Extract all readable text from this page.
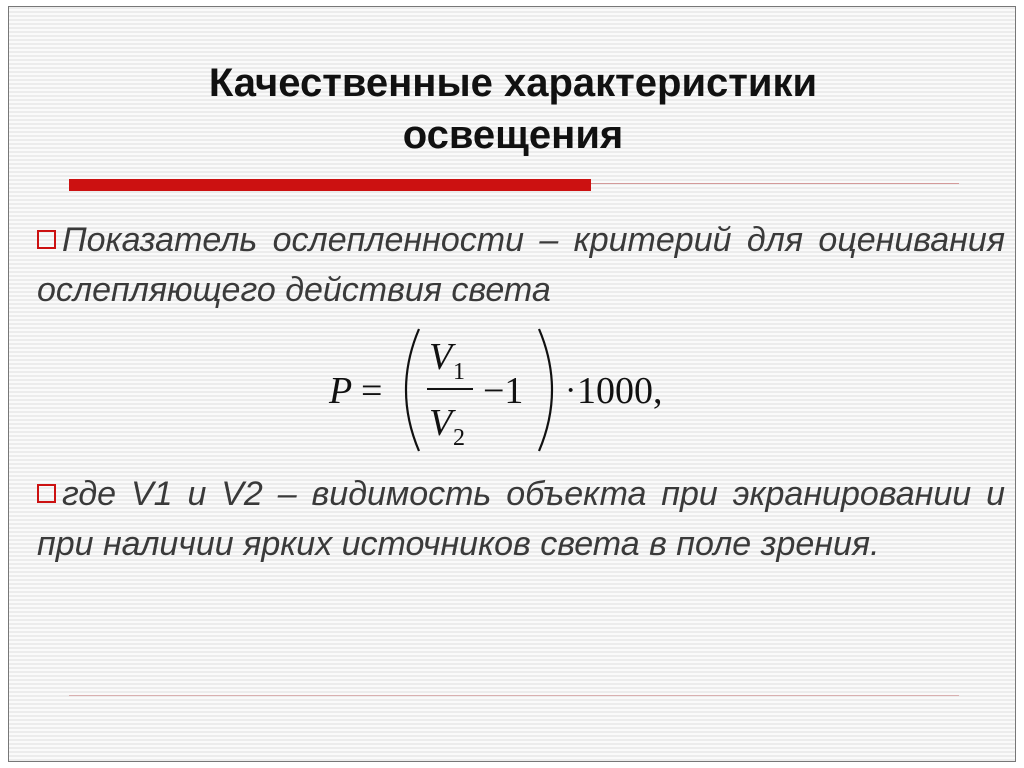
Качественные характеристики
освещения
Показатель ослепленности – критерий для оценивания ослепляющего действия света
P =
V 1
V 2
−1 · 1000,
где V1 и V2 – видимость объекта при экранировании и при наличии ярких источников света в поле зрения.
